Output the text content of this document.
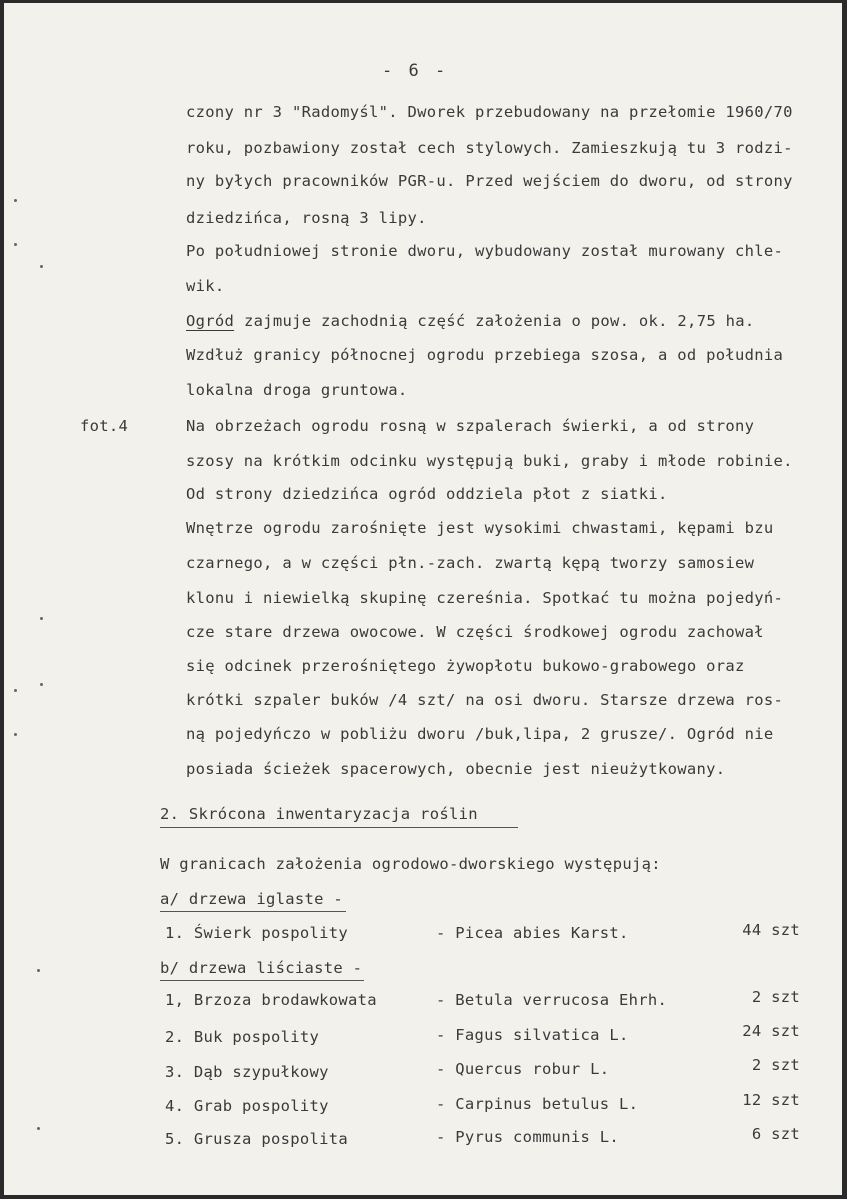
- 6 -
czony nr 3 "Radomyśl". Dworek przebudowany na przełomie 1960/70
roku, pozbawiony został cech stylowych. Zamieszkują tu 3 rodzi-
ny byłych pracowników PGR-u. Przed wejściem do dworu, od strony
dziedzińca, rosną 3 lipy.
Po południowej stronie dworu, wybudowany został murowany chle-
wik.
Ogród zajmuje zachodnią część założenia o pow. ok. 2,75 ha.
Wzdłuż granicy północnej ogrodu przebiega szosa, a od południa
lokalna droga gruntowa.
fot.4	Na obrzeżach ogrodu rosną w szpalerach świerki, a od strony
szosy na krótkim odcinku występują buki, graby i młode robinie.
Od strony dziedzińca ogród oddziela płot z siatki.
Wnętrze ogrodu zarośnięte jest wysokimi chwastami, kępami bzu
czarnego, a w części płn.-zach. zwartą kępą tworzy samosiew
klonu i niewielką skupinę czereśnia. Spotkać tu można pojedyń-
cze stare drzewa owocowe. W części środkowej ogrodu zachował
się odcinek przerośniętego żywopłotu bukowo-grabowego oraz
krótki szpaler buków /4 szt/ na osi dworu. Starsze drzewa ros-
ną pojedyńczo w pobliżu dworu /buk,lipa, 2 grusze/. Ogród nie
posiada ścieżek spacerowych, obecnie jest nieużytkowany.
2. Skrócona inwentaryzacja roślin
W granicach założenia ogrodowo-dworskiego występują:
a/ drzewa iglaste -
1. Świerk pospolity	- Picea abies Karst.	44 szt
b/ drzewa liściaste -
1, Brzoza brodawkowata	- Betula verrucosa Ehrh.	2 szt
2. Buk pospolity	- Fagus silvatica L.	24 szt
3. Dąb szypułkowy	- Quercus robur L.	2 szt
4. Grab pospolity	- Carpinus betulus L.	12 szt
5. Grusza pospolita	- Pyrus communis L.	6 szt
